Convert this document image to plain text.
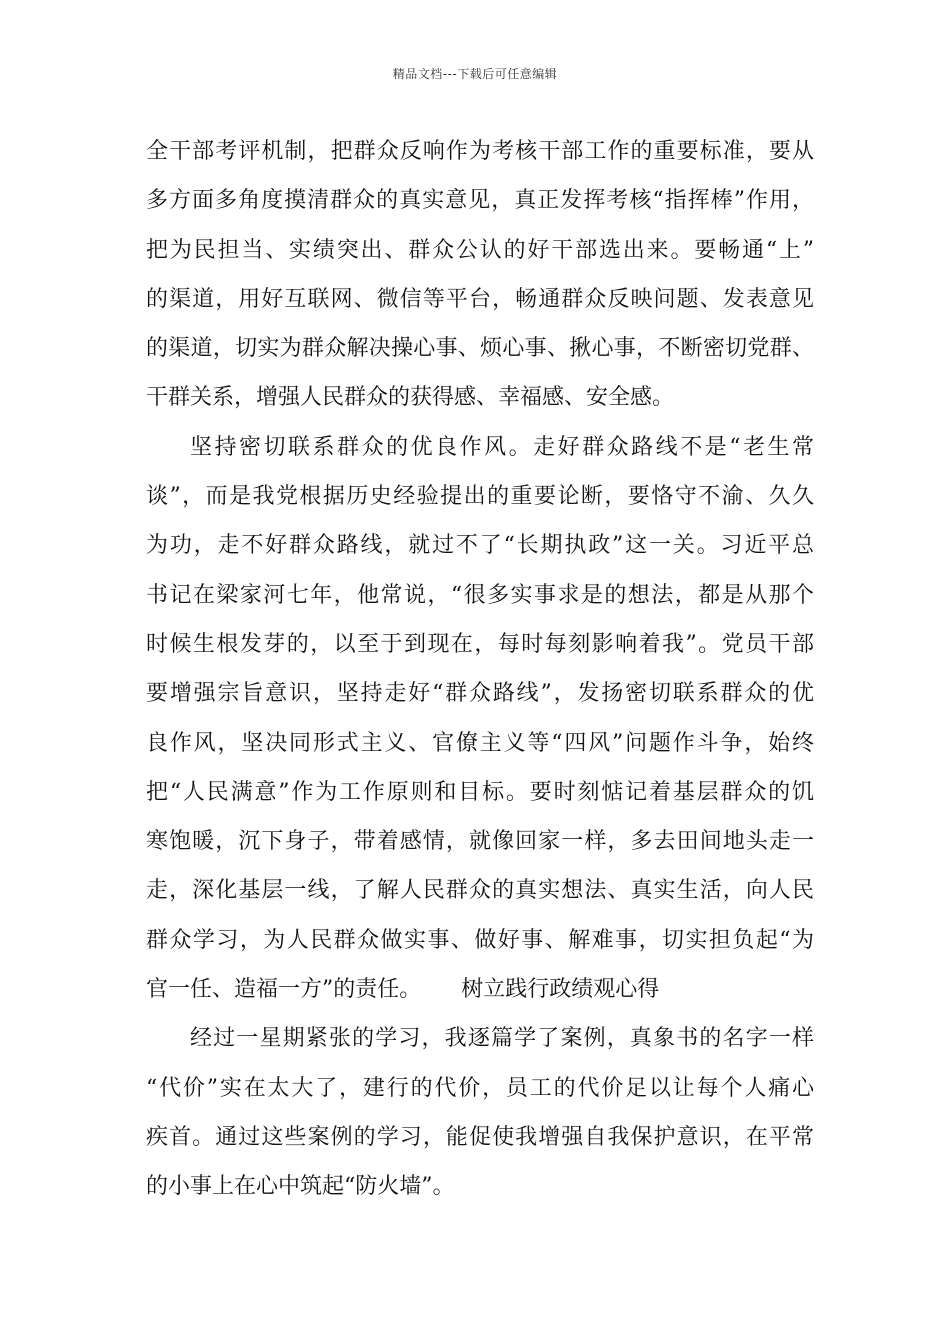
精品文档---下载后可任意编辑
全干部考评机制，把群众反响作为考核干部工作的重要标准，要从
多方面多角度摸清群众的真实意见，真正发挥考核“指挥棒”作用，
把为民担当、实绩突出、群众公认的好干部选出来。要畅通“上”
的渠道，用好互联网、微信等平台，畅通群众反映问题、发表意见
的渠道，切实为群众解决操心事、烦心事、揪心事，不断密切党群、
干群关系，增强人民群众的获得感、幸福感、安全感。
坚持密切联系群众的优良作风。走好群众路线不是“老生常
谈”，而是我党根据历史经验提出的重要论断，要恪守不渝、久久
为功，走不好群众路线，就过不了“长期执政”这一关。习近平总
书记在梁家河七年，他常说，“很多实事求是的想法，都是从那个
时候生根发芽的，以至于到现在，每时每刻影响着我”。党员干部
要增强宗旨意识，坚持走好“群众路线”，发扬密切联系群众的优
良作风，坚决同形式主义、官僚主义等“四风”问题作斗争，始终
把“人民满意”作为工作原则和目标。要时刻惦记着基层群众的饥
寒饱暖，沉下身子，带着感情，就像回家一样，多去田间地头走一
走，深化基层一线，了解人民群众的真实想法、真实生活，向人民
群众学习，为人民群众做实事、做好事、解难事，切实担负起“为
官一任、造福一方”的责任。 树立践行政绩观心得
经过一星期紧张的学习，我逐篇学了案例，真象书的名字一样
“代价”实在太大了，建行的代价，员工的代价足以让每个人痛心
疾首。通过这些案例的学习，能促使我增强自我保护意识，在平常
的小事上在心中筑起“防火墙”。
